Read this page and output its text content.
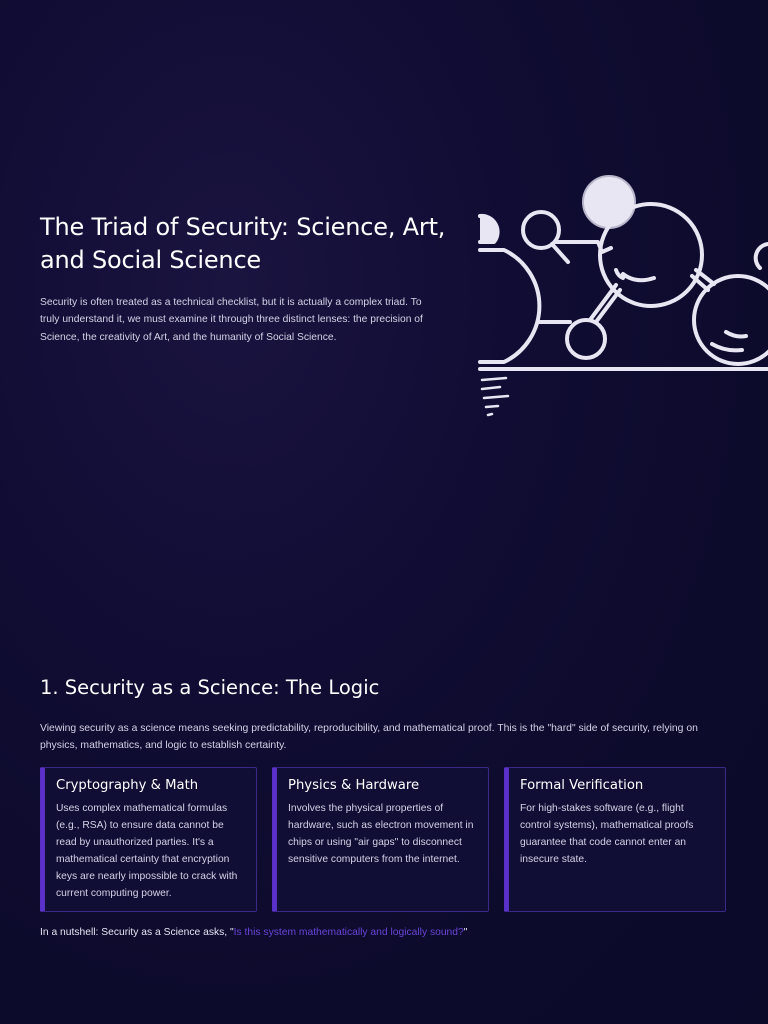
The Triad of Security: Science, Art, and Social Science

Security is often treated as a technical checklist, but it is actually a complex triad. To truly understand it, we must examine it through three distinct lenses: the precision of Science, the creativity of Art, and the humanity of Social Science.

1. Security as a Science: The Logic

Viewing security as a science means seeking predictability, reproducibility, and mathematical proof. This is the "hard" side of security, relying on physics, mathematics, and logic to establish certainty.

Cryptography & Math

Uses complex mathematical formulas (e.g., RSA) to ensure data cannot be read by unauthorized parties. It's a mathematical certainty that encryption keys are nearly impossible to crack with current computing power.

Physics & Hardware

Involves the physical properties of hardware, such as electron movement in chips or using "air gaps" to disconnect sensitive computers from the internet.

Formal Verification

For high-stakes software (e.g., flight control systems), mathematical proofs guarantee that code cannot enter an insecure state.

In a nutshell: Security as a Science asks, "Is this system mathematically and logically sound?"
